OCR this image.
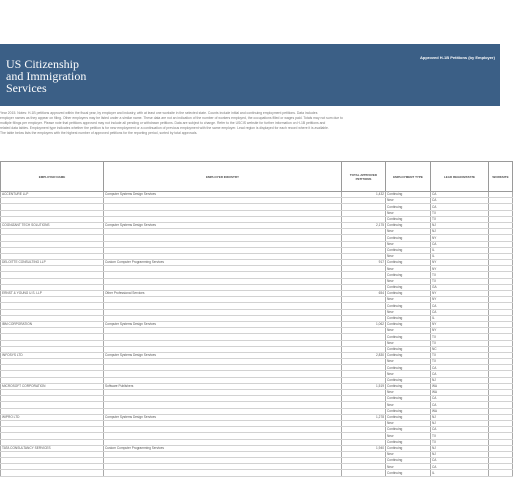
US Citizenship
and Immigration
Services
Approved H-1B Petitions (by Employer)

Year 2015. Notes: H-1B petitions approved within the fiscal year, by employer and industry, with at least one worksite in the selected state. Counts include initial and continuing employment petitions. Data includes

employer names as they appear on filing. Other employers may be listed under a similar name. These data are not an indication of the number of workers employed, the occupations filled or wages paid. Totals may not sum due to

multiple filings per employer. Please note that petitions approved may not include all pending or withdrawn petitions. Data are subject to change. Refer to the USCIS website for further information on H-1B petitions and

related data tables. Employment type indicates whether the petition is for new employment or a continuation of previous employment with the same employer. Lead region is displayed for each record where it is available.

The table below lists the employers with the highest number of approved petitions for the reporting period, sorted by total approvals.

EMPLOYER NAME	EMPLOYER INDUSTRY	TOTAL APPROVED PETITIONS	EMPLOYMENT TYPE	LEAD REGION/STATE	WORKSITE
ACCENTURE LLP	Computer Systems Design Services	1,432	Continuing	CA	
			New	CA	
			Continuing	CA	
			New	TX	
			Continuing	TX	
COGNIZANT TECH SOLUTIONS	Computer Systems Design Services	2,175	Continuing	NJ	
			New	NJ	
			Continuing	NY	
			New	CA	
			Continuing	IL	
			New	IL	
DELOITTE CONSULTING LLP	Custom Computer Programming Services	917	Continuing	NY	
			New	NY	
			Continuing	TX	
			New	TX	
			Continuing	GA	
ERNST & YOUNG U.S. LLP	Other Professional Services	654	Continuing	NY	
			New	NY	
			Continuing	CA	
			New	CA	
			Continuing	IL	
IBM CORPORATION	Computer Systems Design Services	1,062	Continuing	NY	
			New	NY	
			Continuing	TX	
			New	TX	
			Continuing	NC	
INFOSYS LTD	Computer Systems Design Services	2,830	Continuing	TX	
			New	TX	
			Continuing	CA	
			New	CA	
			Continuing	NJ	
MICROSOFT CORPORATION	Software Publishers	1,519	Continuing	WA	
			New	WA	
			Continuing	CA	
			New	CA	
			Continuing	WA	
WIPRO LTD	Computer Systems Design Services	1,278	Continuing	NJ	
			New	NJ	
			Continuing	CA	
			New	TX	
			Continuing	TX	
TATA CONSULTANCY SERVICES	Custom Computer Programming Services	1,940	Continuing	NJ	
			New	NJ	
			Continuing	CA	
			New	CA	
			Continuing	IL	
